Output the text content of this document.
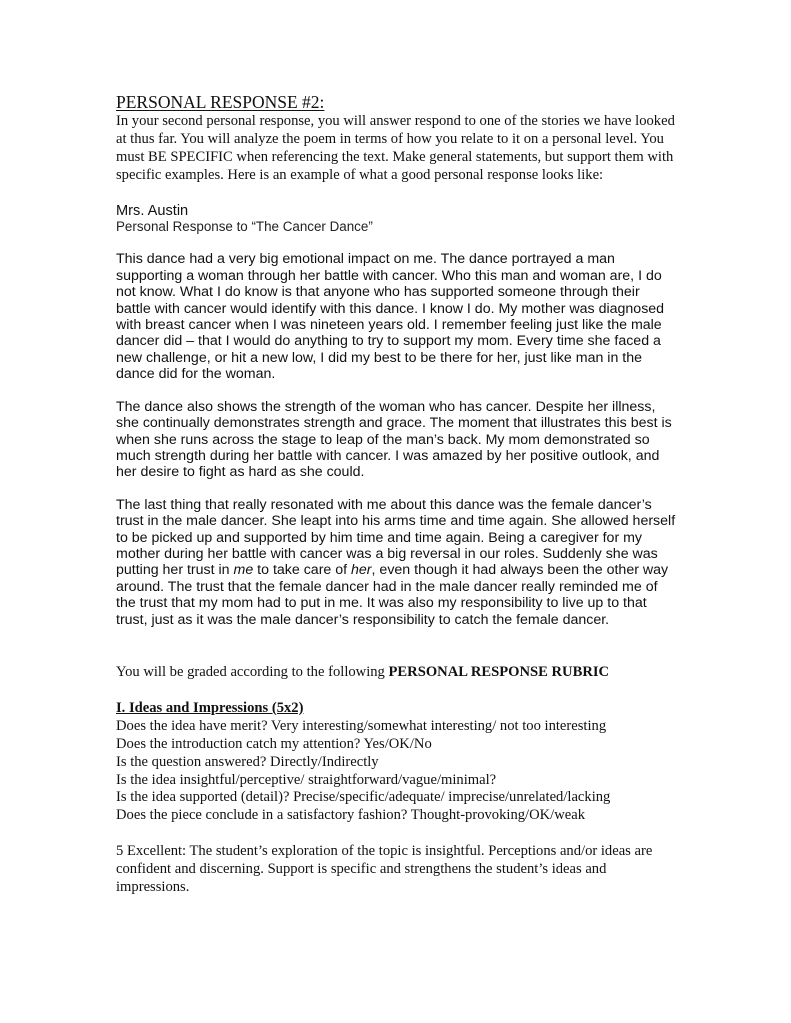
PERSONAL RESPONSE #2:

In your second personal response, you will answer respond to one of the stories we have looked at thus far. You will analyze the poem in terms of how you relate to it on a personal level. You must BE SPECIFIC when referencing the text. Make general statements, but support them with specific examples. Here is an example of what a good personal response looks like:

Mrs. Austin
Personal Response to “The Cancer Dance”

This dance had a very big emotional impact on me. The dance portrayed a man supporting a woman through her battle with cancer. Who this man and woman are, I do not know. What I do know is that anyone who has supported someone through their battle with cancer would identify with this dance. I know I do. My mother was diagnosed with breast cancer when I was nineteen years old. I remember feeling just like the male dancer did – that I would do anything to try to support my mom. Every time she faced a new challenge, or hit a new low, I did my best to be there for her, just like man in the dance did for the woman.

The dance also shows the strength of the woman who has cancer. Despite her illness, she continually demonstrates strength and grace. The moment that illustrates this best is when she runs across the stage to leap of the man’s back. My mom demonstrated so much strength during her battle with cancer. I was amazed by her positive outlook, and her desire to fight as hard as she could.

The last thing that really resonated with me about this dance was the female dancer’s trust in the male dancer. She leapt into his arms time and time again. She allowed herself to be picked up and supported by him time and time again. Being a caregiver for my mother during her battle with cancer was a big reversal in our roles. Suddenly she was putting her trust in me to take care of her, even though it had always been the other way around. The trust that the female dancer had in the male dancer really reminded me of the trust that my mom had to put in me. It was also my responsibility to live up to that trust, just as it was the male dancer’s responsibility to catch the female dancer.

You will be graded according to the following PERSONAL RESPONSE RUBRIC

I. Ideas and Impressions (5x2)
Does the idea have merit? Very interesting/somewhat interesting/ not too interesting
Does the introduction catch my attention? Yes/OK/No
Is the question answered? Directly/Indirectly
Is the idea insightful/perceptive/ straightforward/vague/minimal?
Is the idea supported (detail)? Precise/specific/adequate/ imprecise/unrelated/lacking
Does the piece conclude in a satisfactory fashion? Thought-provoking/OK/weak

5 Excellent: The student’s exploration of the topic is insightful. Perceptions and/or ideas are confident and discerning. Support is specific and strengthens the student’s ideas and impressions.
